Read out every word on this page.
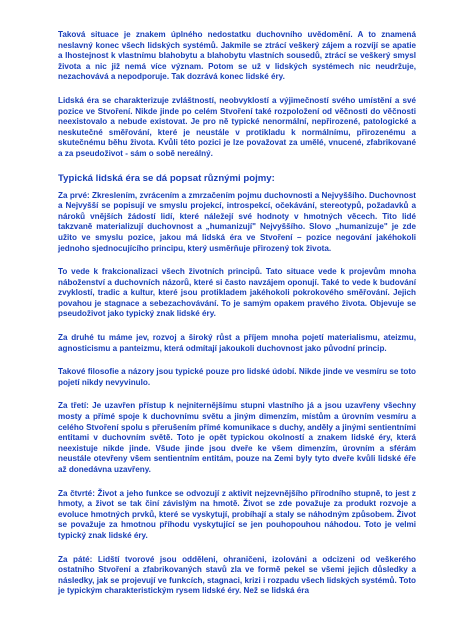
Taková situace je znakem úplného nedostatku duchovního uvědomění. A to znamená neslavný konec všech lidských systémů. Jakmile se ztrácí veškerý zájem a rozvíjí se apatie a lhostejnost k vlastnímu blahobytu a blahobytu vlastních sousedů, ztrácí se veškerý smysl života a nic již nemá více význam. Potom se už v lidských systémech nic neudržuje, nezachovává a nepodporuje. Tak dozrává konec lidské éry.

Lidská éra se charakterizuje zvláštností, neobvyklostí a výjimečností svého umístění a své pozice ve Stvoření. Nikde jinde po celém Stvoření také rozpoložení od věčnosti do věčnosti neexistovalo a nebude existovat. Je pro ně typické nenormální, nepřirozené, patologické a neskutečné směřování, které je neustále v protikladu k normálnímu, přirozenému a skutečnému běhu života. Kvůli této pozici je lze považovat za umělé, vnucené, zfabrikované a za pseudoživot - sám o sobě nereálný.

Typická lidská éra se dá popsat různými pojmy:

Za prvé: Zkreslením, zvrácením a zmrzačením pojmu duchovnosti a Nejvyššího. Duchovnost a Nejvyšší se popisují ve smyslu projekcí, introspekcí, očekávání, stereotypů, požadavků a nároků vnějších žádostí lidí, které náležejí své hodnoty v hmotných věcech. Tito lidé takzvaně materializují duchovnost a „humanizují" Nejvyššího. Slovo „humanizuje" je zde užito ve smyslu pozice, jakou má lidská éra ve Stvoření – pozice negování jakéhokoli jednoho sjednocujícího principu, který usměrňuje přirozený tok života.

To vede k frakcionalizaci všech životních principů. Tato situace vede k projevům mnoha náboženství a duchovních názorů, které si často navzájem oponují. Také to vede k budování zvyklostí, tradic a kultur, které jsou protikladem jakéhokoli pokrokového směřování. Jejich povahou je stagnace a sebezachovávání. To je samým opakem pravého života. Objevuje se pseudoživot jako typický znak lidské éry.

Za druhé tu máme jev, rozvoj a široký růst a příjem mnoha pojetí materialismu, ateizmu, agnosticismu a panteizmu, která odmítají jakoukoli duchovnost jako původní princip.

Takové filosofie a názory jsou typické pouze pro lidské údobí. Nikde jinde ve vesmíru se toto pojetí nikdy nevyvinulo.

Za třetí: Je uzavřen přístup k nejniternějšímu stupni vlastního já a jsou uzavřeny všechny mosty a přímé spoje k duchovnímu světu a jiným dimenzím, místům a úrovním vesmíru a celého Stvoření spolu s přerušením přímé komunikace s duchy, anděly a jinými sentientními entitami v duchovním světě. Toto je opět typickou okolností a znakem lidské éry, která neexistuje nikde jinde. Všude jinde jsou dveře ke všem dimenzím, úrovním a sférám neustále otevřeny všem sentientním entitám, pouze na Zemi byly tyto dveře kvůli lidské éře až donedávna uzavřeny.

Za čtvrté: Život a jeho funkce se odvozují z aktivit nejzevnějšího přírodního stupně, to jest z hmoty, a život se tak činí závislým na hmotě. Život se zde považuje za produkt rozvoje a evoluce hmotných prvků, které se vyskytují, probíhají a staly se náhodným způsobem. Život se považuje za hmotnou příhodu vyskytující se jen pouhopouhou náhodou. Toto je velmi typický znak lidské éry.

Za páté: Lidští tvorové jsou odděleni, ohraničeni, izolováni a odcizeni od veškerého ostatního Stvoření a zfabrikovaných stavů zla ve formě pekel se všemi jejich důsledky a následky, jak se projevují ve funkcích, stagnaci, krizi i rozpadu všech lidských systémů. Toto je typickým charakteristickým rysem lidské éry. Než se lidská éra
